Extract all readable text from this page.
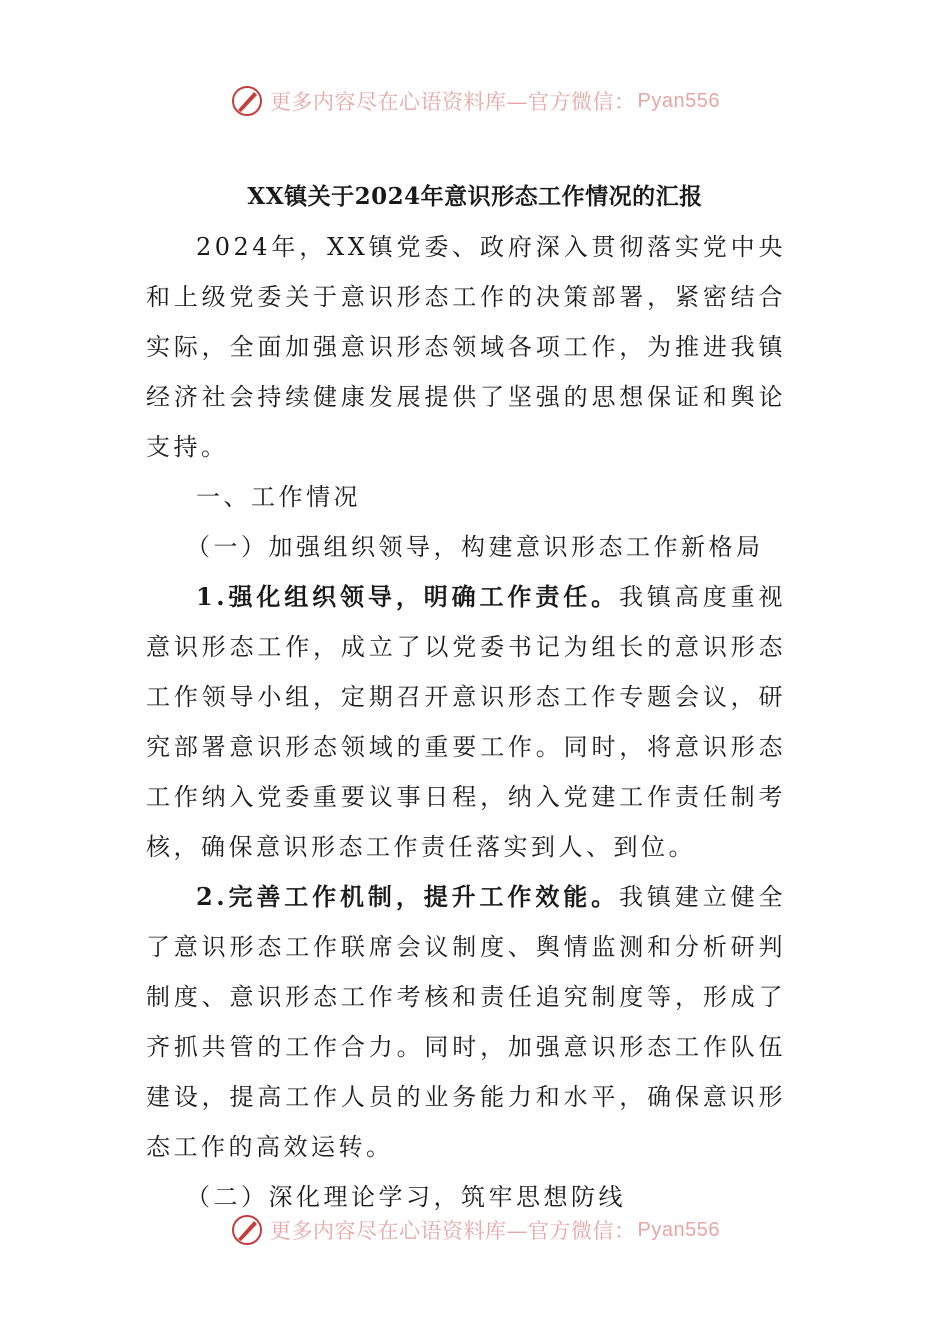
更多内容尽在心语资料库—官方微信： Pyan556
XX镇关于2024年意识形态工作情况的汇报

2024年，XX镇党委、政府深入贯彻落实党中央和上级党委关于意识形态工作的决策部署，紧密结合实际，全面加强意识形态领域各项工作，为推进我镇经济社会持续健康发展提供了坚强的思想保证和舆论支持。

一、工作情况

（一）加强组织领导，构建意识形态工作新格局

1.强化组织领导，明确工作责任。我镇高度重视意识形态工作，成立了以党委书记为组长的意识形态工作领导小组，定期召开意识形态工作专题会议，研究部署意识形态领域的重要工作。同时，将意识形态工作纳入党委重要议事日程，纳入党建工作责任制考核，确保意识形态工作责任落实到人、到位。

2.完善工作机制，提升工作效能。我镇建立健全了意识形态工作联席会议制度、舆情监测和分析研判制度、意识形态工作考核和责任追究制度等，形成了齐抓共管的工作合力。同时，加强意识形态工作队伍建设，提高工作人员的业务能力和水平，确保意识形态工作的高效运转。

（二）深化理论学习，筑牢思想防线

更多内容尽在心语资料库—官方微信： Pyan556
